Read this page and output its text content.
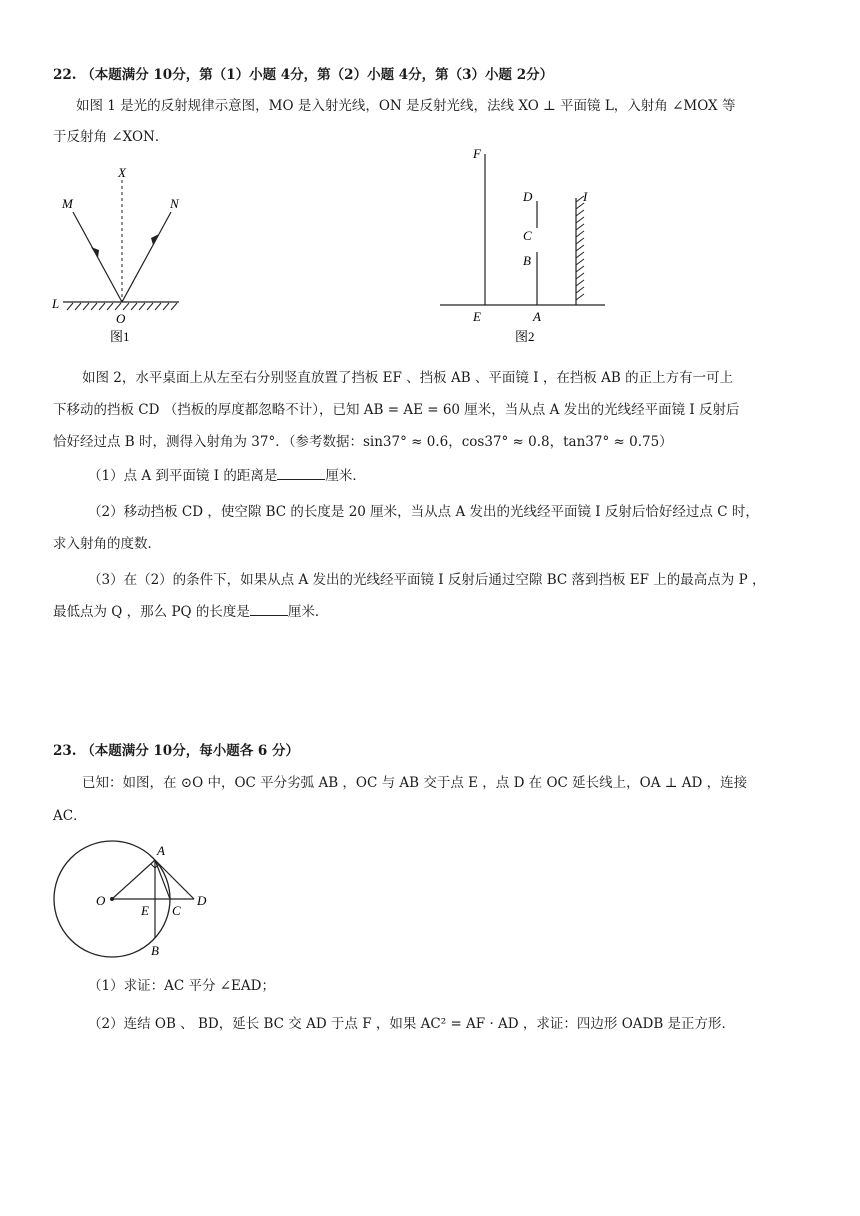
22. （本题满分 10分，第（1）小题 4分，第（2）小题 4分，第（3）小题 2分）
如图 1 是光的反射规律示意图，MO 是入射光线，ON 是反射光线，法线 XO ⊥ 平面镜 L，入射角 ∠MOX 等
于反射角 ∠XON．
X
M	N
L
O
图1
F
D	I
C
B
E	A
图2
如图 2，水平桌面上从左至右分别竖直放置了挡板 EF 、挡板 AB 、平面镜 I ，在挡板 AB 的正上方有一可上
下移动的挡板 CD （挡板的厚度都忽略不计），已知 AB = AE = 60 厘米，当从点 A 发出的光线经平面镜 I 反射后
恰好经过点 B 时，测得入射角为 37°．（参考数据：sin37° ≈ 0.6，cos37° ≈ 0.8，tan37° ≈ 0.75）
（1）点 A 到平面镜 I 的距离是	厘米．
（2）移动挡板 CD ，使空隙 BC 的长度是 20 厘米，当从点 A 发出的光线经平面镜 I 反射后恰好经过点 C 时，
求入射角的度数．
（3）在（2）的条件下，如果从点 A 发出的光线经平面镜 I 反射后通过空隙 BC 落到挡板 EF 上的最高点为 P ，
最低点为 Q ，那么 PQ 的长度是	厘米．
23. （本题满分 10分，每小题各 6 分）
已知：如图，在 ⊙O 中，OC 平分劣弧 AB ，OC 与 AB 交于点 E ，点 D 在 OC 延长线上，OA ⊥ AD ，连接
AC．
A
O
E C
D
B
（1）求证：AC 平分 ∠EAD；
（2）连结 OB 、 BD，延长 BC 交 AD 于点 F ，如果 AC² = AF · AD ，求证：四边形 OADB 是正方形．
